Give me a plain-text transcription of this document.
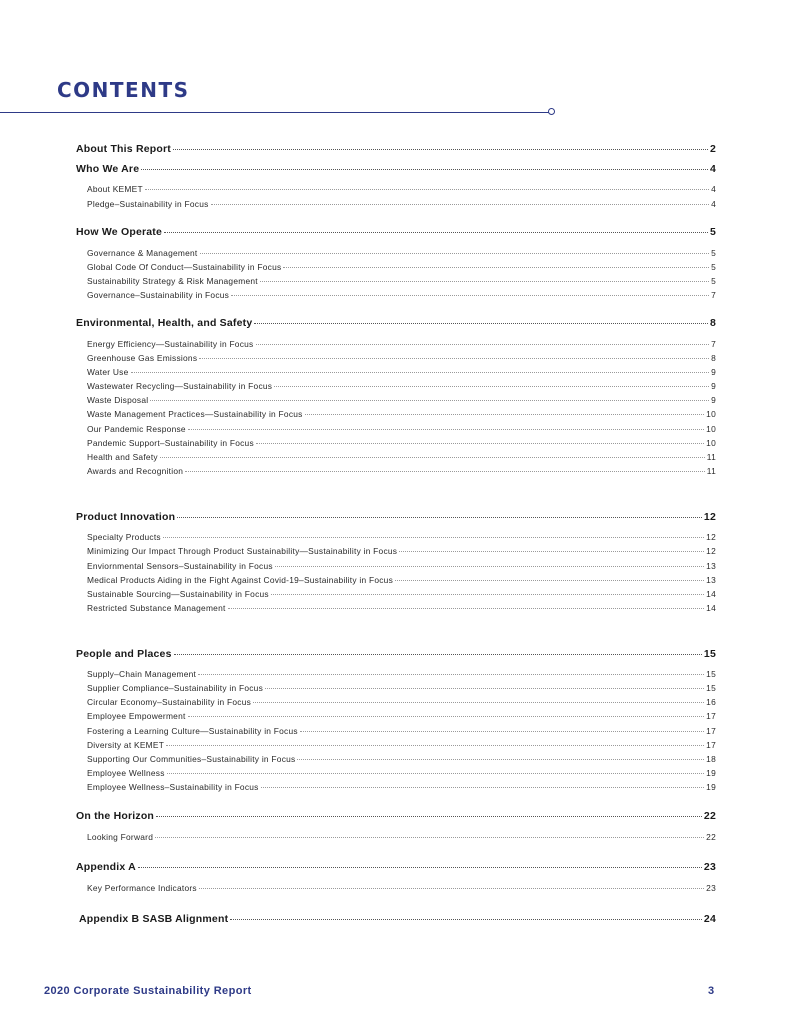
CONTENTS
About This Report	2
Who We Are	4
About KEMET	4
Pledge–Sustainability in Focus	4
How We Operate	5
Governance & Management	5
Global Code Of Conduct—Sustainability in Focus	5
Sustainability Strategy & Risk Management	5
Governance–Sustainability in Focus	7
Environmental, Health, and Safety	8
Energy Efficiency—Sustainability in Focus	7
Greenhouse Gas Emissions	8
Water Use	9
Wastewater Recycling—Sustainability in Focus	9
Waste Disposal	9
Waste Management Practices—Sustainability in Focus	10
Our Pandemic Response	10
Pandemic Support–Sustainability in Focus	10
Health and Safety	11
Awards and Recognition	11
Product Innovation	12
Specialty Products	12
Minimizing Our Impact Through Product Sustainability—Sustainability in Focus	12
Enviornmental Sensors–Sustainability in Focus	13
Medical Products Aiding in the Fight Against Covid-19–Sustainability in Focus	13
Sustainable Sourcing—Sustainability in Focus	14
Restricted Substance Management	14
People and Places	15
Supply–Chain Management	15
Supplier Compliance–Sustainability in Focus	15
Circular Economy–Sustainability in Focus	16
Employee Empowerment	17
Fostering a Learning Culture—Sustainability in Focus	17
Diversity at KEMET	17
Supporting Our Communities–Sustainability in Focus	18
Employee Wellness	19
Employee Wellness–Sustainability in Focus	19
On the Horizon	22
Looking Forward	22
Appendix A	23
Key Performance Indicators	23
Appendix B SASB Alignment	24
2020 Corporate Sustainability Report	3
